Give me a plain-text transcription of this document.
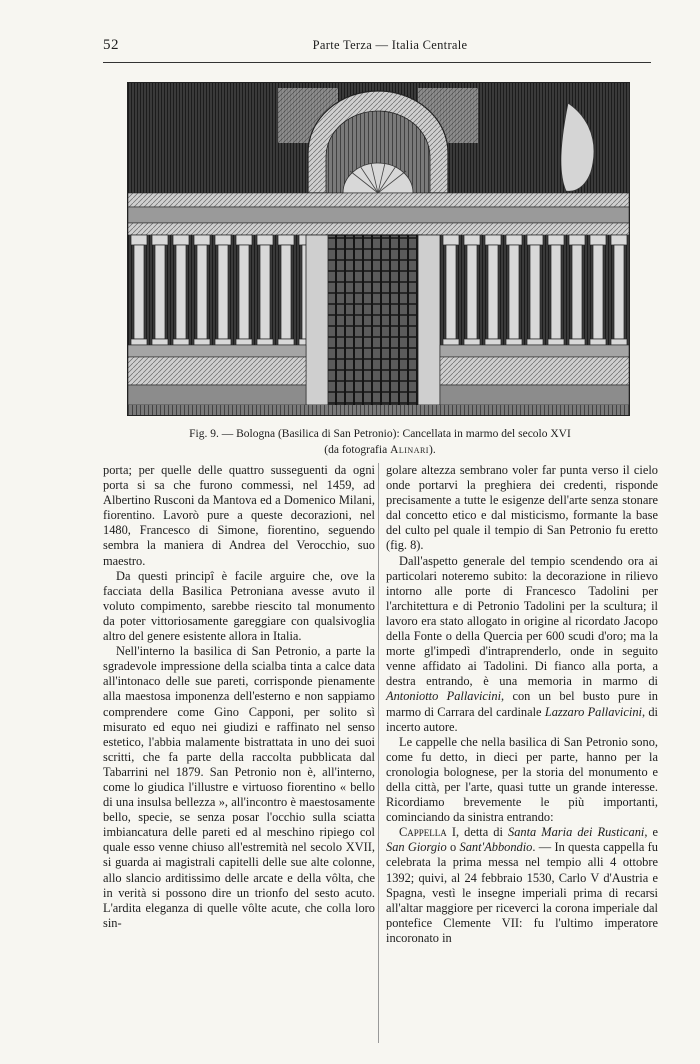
52	Parte Terza — Italia Centrale
Fig. 9. — Bologna (Basilica di San Petronio): Cancellata in marmo del secolo XVI
(da fotografia Alinari).

porta; per quelle delle quattro susseguenti da ogni porta si sa che furono commessi, nel 1459, ad Albertino Rusconi da Mantova ed a Domenico Milani, fiorentino. Lavorò pure a queste decorazioni, nel 1480, Francesco di Simone, fiorentino, seguendo sembra la maniera di Andrea del Verocchio, suo maestro.

Da questi principî è facile arguire che, ove la facciata della Basilica Petroniana avesse avuto il voluto compimento, sarebbe riescito tal monumento da poter vittoriosamente gareggiare con qualsivoglia altro del genere esistente allora in Italia.

Nell'interno la basilica di San Petronio, a parte la sgradevole impressione della scialba tinta a calce data all'intonaco delle sue pareti, corrisponde pienamente alla maestosa imponenza dell'esterno e non sappiamo comprendere come Gino Capponi, per solito sì misurato ed equo nei giudizi e raffinato nel senso estetico, l'abbia malamente bistrattata in uno dei suoi scritti, che fa parte della raccolta pubblicata dal Tabarrini nel 1879. San Petronio non è, all'interno, come lo giudica l'illustre e virtuoso fiorentino « bello di una insulsa bellezza », all'incontro è maestosamente bello, specie, se senza posar l'occhio sulla sciatta imbiancatura delle pareti ed al meschino ripiego col quale esso venne chiuso all'estremità nel secolo XVII, si guarda ai magistrali capitelli delle sue alte colonne, allo slancio arditissimo delle arcate e della vôlta, che in verità si possono dire un trionfo del sesto acuto. L'ardita eleganza di quelle vôlte acute, che colla loro sin-

golare altezza sembrano voler far punta verso il cielo onde portarvi la preghiera dei credenti, risponde precisamente a tutte le esigenze dell'arte senza stonare dal concetto etico e dal misticismo, formante la base del culto pel quale il tempio di San Petronio fu eretto (fig. 8).

Dall'aspetto generale del tempio scendendo ora ai particolari noteremo subito: la decorazione in rilievo intorno alle porte di Francesco Tadolini per l'architettura e di Petronio Tadolini per la scultura; il lavoro era stato allogato in origine al ricordato Jacopo della Fonte o della Quercia per 600 scudi d'oro; ma la morte gl'impedì d'intraprenderlo, onde in seguito venne affidato ai Tadolini. Di fianco alla porta, a destra entrando, è una memoria in marmo di Antoniotto Pallavicini, con un bel busto pure in marmo di Carrara del cardinale Lazzaro Pallavicini, di incerto autore.

Le cappelle che nella basilica di San Petronio sono, come fu detto, in dieci per parte, hanno per la cronologia bolognese, per la storia del monumento e della città, per l'arte, quasi tutte un grande interesse. Ricordiamo brevemente le più importanti, cominciando da sinistra entrando:

Cappella I, detta di Santa Maria dei Rusticani, e San Giorgio o Sant'Abbondio. — In questa cappella fu celebrata la prima messa nel tempio alli 4 ottobre 1392; quivi, al 24 febbraio 1530, Carlo V d'Austria e Spagna, vestì le insegne imperiali prima di recarsi all'altar maggiore per riceverci la corona imperiale dal pontefice Clemente VII: fu l'ultimo imperatore incoronato in
